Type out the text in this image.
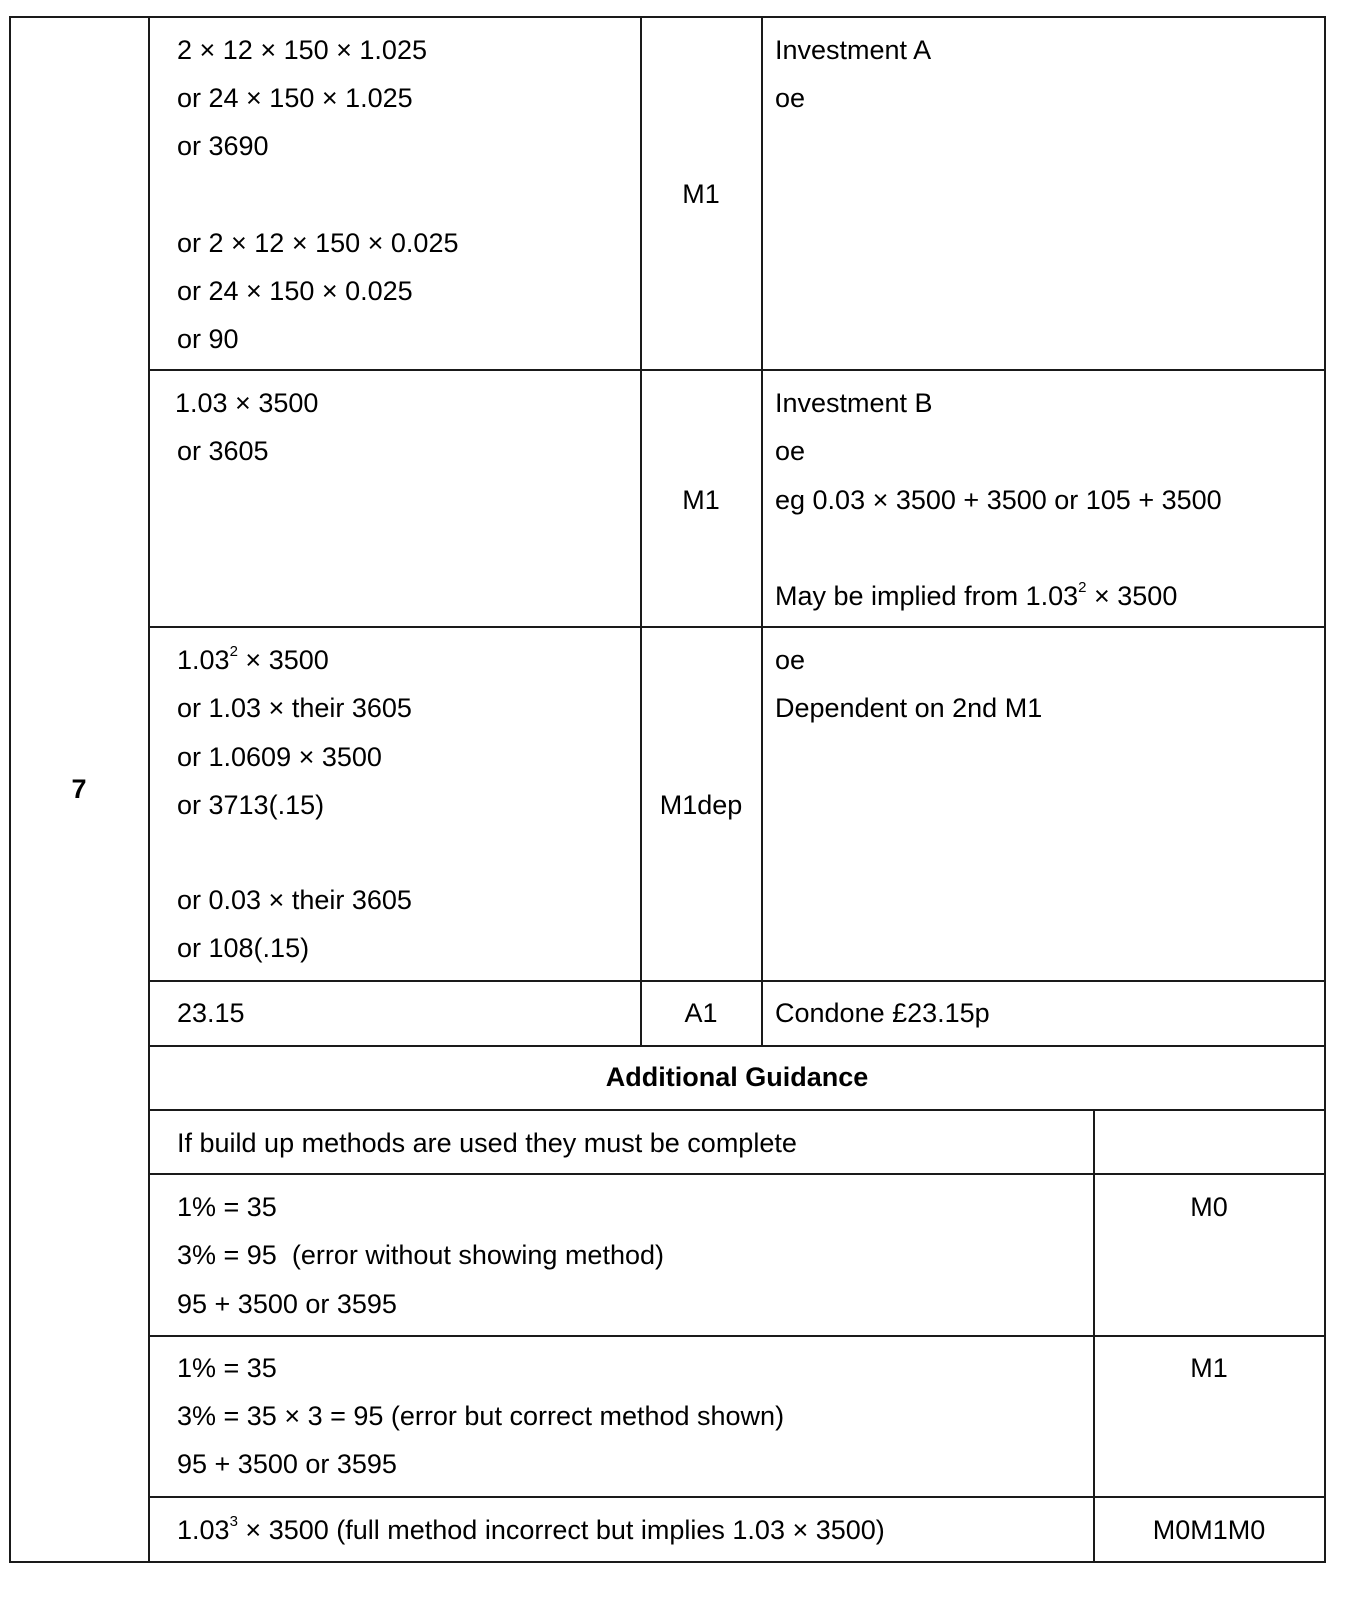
7
2 × 12 × 150 × 1.025
or 24 × 150 × 1.025
or 3690
or 2 × 12 × 150 × 0.025
or 24 × 150 × 0.025
or 90
M1
Investment A
oe
1.03 × 3500
or 3605
M1
Investment B
oe
eg 0.03 × 3500 + 3500 or 105 + 3500
May be implied from $1.03^2 \times 3500$
$1.03^2 \times 3500$
or 1.03 × their 3605
or 1.0609 × 3500
or 3713(.15)
or 0.03 × their 3605
or 108(.15)
M1dep
oe
Dependent on 2nd M1
23.15	A1 Condone £23.15p
Additional Guidance
If build up methods are used they must be complete
1% = 35
3% = 95  (error without showing method)
95 + 3500 or 3595
M0
1% = 35
3% = 35 × 3 = 95 (error but correct method shown)
95 + 3500 or 3595
M1
$1.03^3 \times 3500$ (full method incorrect but implies 1.03 × 3500)	M0M1M0
